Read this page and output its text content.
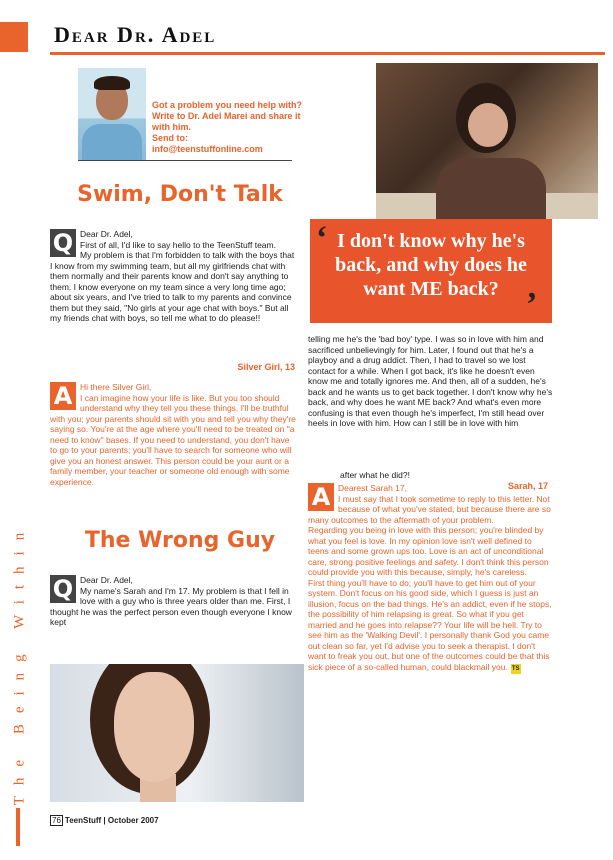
Dear Dr. Adel
The Being Within
Got a problem you need help with? Write to Dr. Adel Marei and share it with him.
Send to:
info@teenstuffonline.com
Swim, Don't Talk
Q Dear Dr. Adel,
First of all, I'd like to say hello to the TeenStuff team.
My problem is that I'm forbidden to talk with the boys that I know from my swimming team, but all my girlfriends chat with them normally and their parents know and don't say anything to them. I know everyone on my team since a very long time ago; about six years, and I've tried to talk to my parents and convince them but they said, "No girls at your age chat with boys." But all my friends chat with boys, so tell me what to do please!!
Silver Girl, 13
A Hi there Silver Girl,
I can imagine how your life is like. But you too should understand why they tell you these things. I'll be truthful with you; your parents should sit with you and tell you why they're saying so. You're at the age where you'll need to be treated on "a need to know" bases. If you need to understand, you don't have to go to your parents; you'll have to search for someone who will give you an honest answer. This person could be your aunt or a family member, your teacher or someone old enough with some experience.
The Wrong Guy
Q Dear Dr. Adel,
My name's Sarah and I'm 17. My problem is that I fell in love with a guy who is three years older than me. First, I thought he was the perfect person even though everyone I know kept
I don't know why he's back, and why does he want ME back?
‘
’
telling me he's the 'bad boy' type. I was so in love with him and sacrificed unbelievingly for him. Later, I found out that he's a playboy and a drug addict. Then, I had to travel so we lost contact for a while. When I got back, it's like he doesn't even know me and totally ignores me. And then, all of a sudden, he's back and he wants us to get back together. I don't know why he's back, and why does he want ME back? And what's even more confusing is that even though he's imperfect, I'm still head over heels in love with him. How can I still be in love with him
after what he did?!
Sarah, 17
A Dearest Sarah 17,
I must say that I took sometime to reply to this letter. Not because of what you've stated, but because there are so many outcomes to the aftermath of your problem.
Regarding you being in love with this person; you're blinded by what you feel is love. In my opinion love isn't well defined to teens and some grown ups too. Love is an act of unconditional care, strong positive feelings and safety. I don't think this person could provide you with this because, simply, he's careless.
First thing you'll have to do; you'll have to get him out of your system. Don't focus on his good side, which I guess is just an illusion, focus on the bad things. He's an addict, even if he stops, the possibility of him relapsing is great. So what if you get married and he goes into relapse?? Your life will be hell. Try to see him as the 'Walking Devil'. I personally thank God you came out clean so far, yet I'd advise you to seek a therapist. I don't want to freak you out, but one of the outcomes could be that this sick piece of a so-called human, could blackmail you. TS
76 TeenStuff | October 2007
